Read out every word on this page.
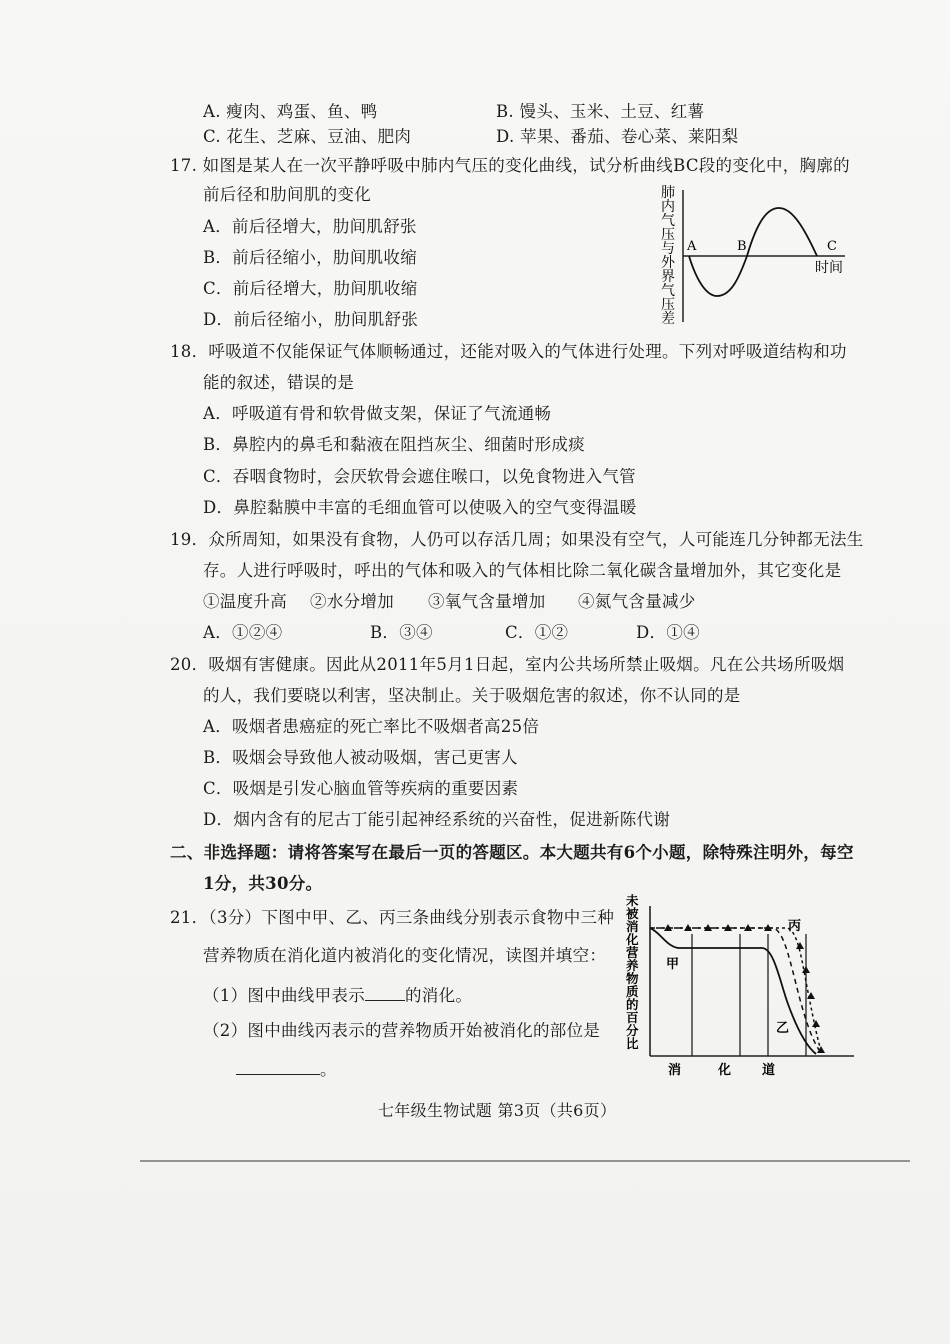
A. 瘦肉、鸡蛋、鱼、鸭	B. 馒头、玉米、土豆、红薯
C. 花生、芝麻、豆油、肥肉	D. 苹果、番茄、卷心菜、莱阳梨
17. 如图是某人在一次平静呼吸中肺内气压的变化曲线，试分析曲线BC段的变化中，胸廓的
前后径和肋间肌的变化
A．前后径增大，肋间肌舒张
B．前后径缩小，肋间肌收缩
C．前后径增大，肋间肌收缩
D．前后径缩小，肋间肌舒张
肺
内
气
压
与
外
界
气
压
差
A	B	C
时间
18．呼吸道不仅能保证气体顺畅通过，还能对吸入的气体进行处理。下列对呼吸道结构和功
能的叙述，错误的是
A．呼吸道有骨和软骨做支架，保证了气流通畅
B．鼻腔内的鼻毛和黏液在阻挡灰尘、细菌时形成痰
C．吞咽食物时，会厌软骨会遮住喉口，以免食物进入气管
D．鼻腔黏膜中丰富的毛细血管可以使吸入的空气变得温暖
19．众所周知，如果没有食物，人仍可以存活几周；如果没有空气，人可能连几分钟都无法生
存。人进行呼吸时，呼出的气体和吸入的气体相比除二氧化碳含量增加外，其它变化是
①温度升高 ②水分增加 ③氧气含量增加 ④氮气含量减少
A．①②④	B．③④	C．①②	D．①④
20．吸烟有害健康。因此从2011年5月1日起，室内公共场所禁止吸烟。凡在公共场所吸烟
的人，我们要晓以利害，坚决制止。关于吸烟危害的叙述，你不认同的是
A．吸烟者患癌症的死亡率比不吸烟者高25倍
B．吸烟会导致他人被动吸烟，害己更害人
C．吸烟是引发心脑血管等疾病的重要因素
D．烟内含有的尼古丁能引起神经系统的兴奋性，促进新陈代谢
二、非选择题：请将答案写在最后一页的答题区。本大题共有6个小题，除特殊注明外，每空
1分，共30分。
21．（3分）下图中甲、乙、丙三条曲线分别表示食物中三种
营养物质在消化道内被消化的变化情况，读图并填空：
（1）图中曲线甲表示 的消化。
（2）图中曲线丙表示的营养物质开始被消化的部位是
。
未
被
消
化
营
养
物
质
的
百
分
比
甲
乙
丙
消	化 道
七年级生物试题 第3页（共6页）
